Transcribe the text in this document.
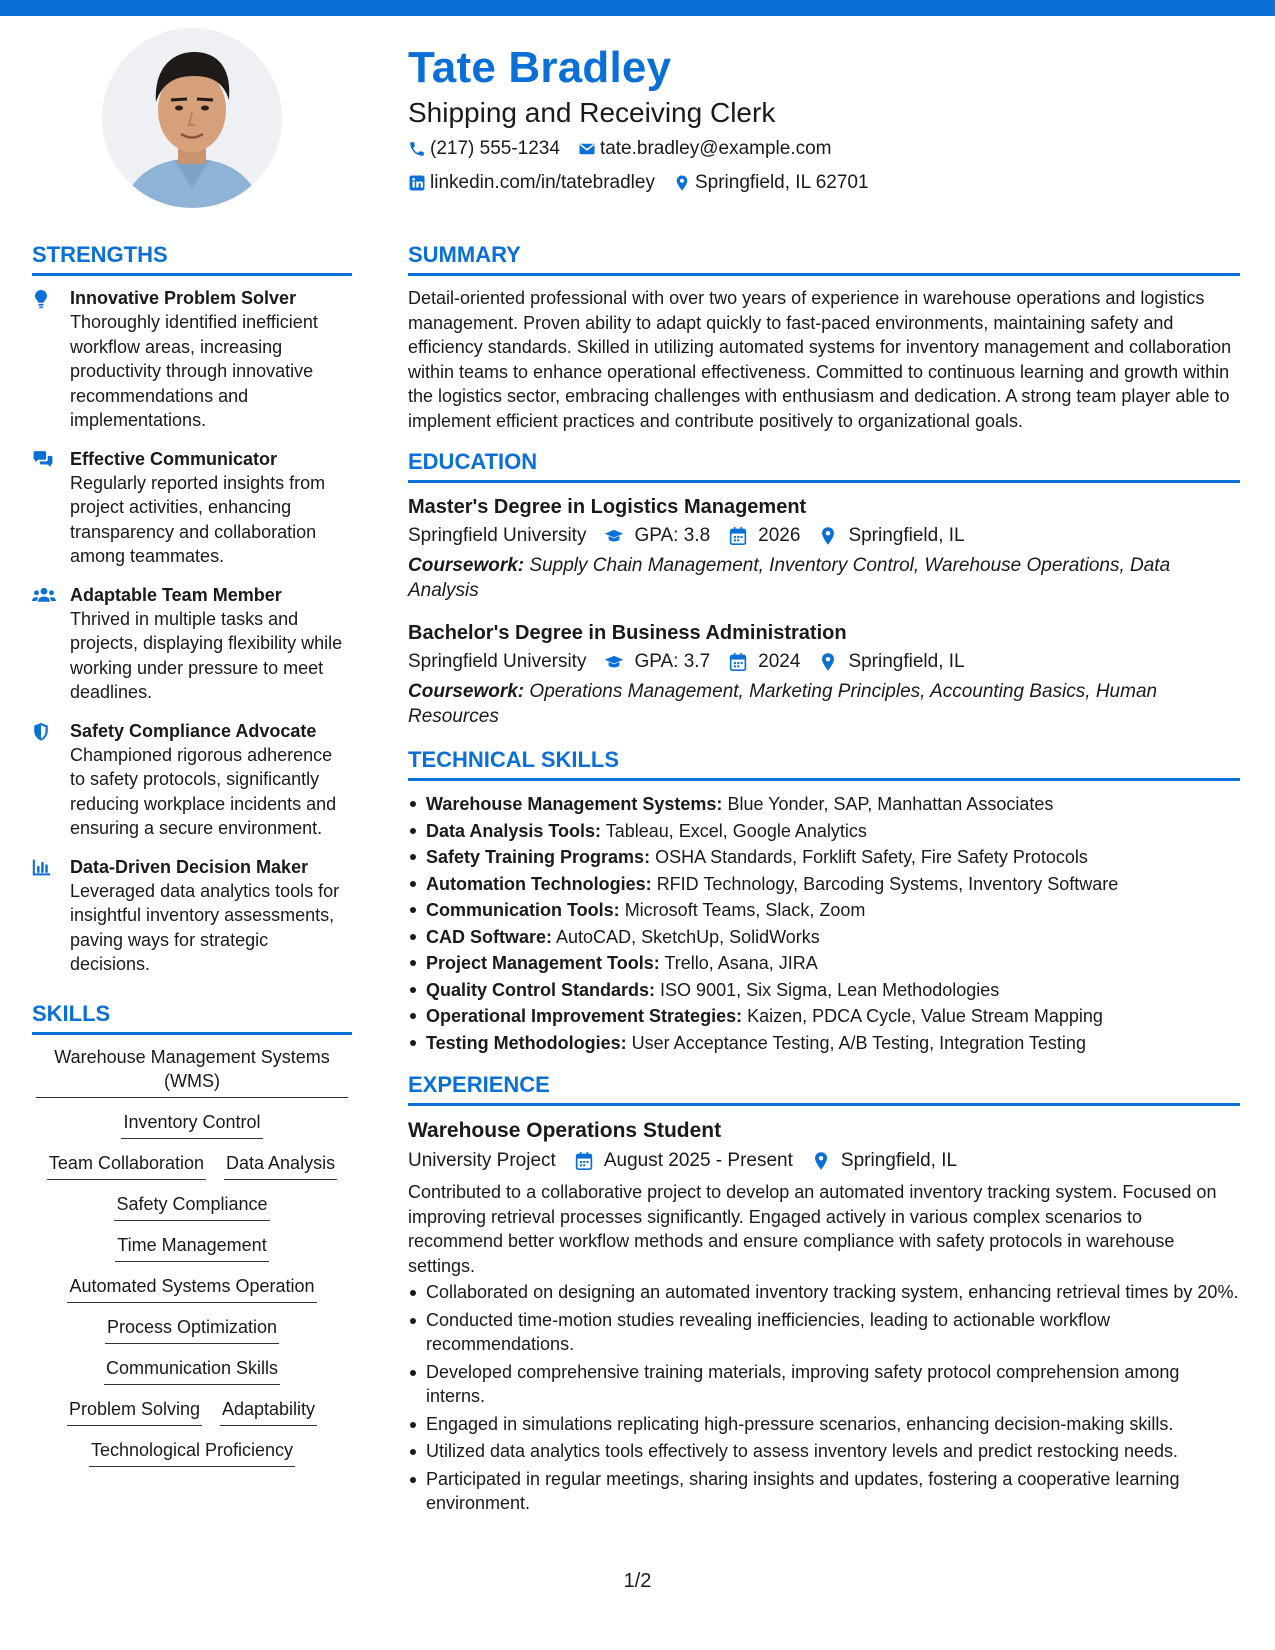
Tate Bradley
Shipping and Receiving Clerk
(217) 555-1234 tate.bradley@example.com
linkedin.com/in/tatebradley Springfield, IL 62701
STRENGTHS
Innovative Problem Solver
Thoroughly identified inefficient workflow areas, increasing productivity through innovative recommendations and implementations.
Effective Communicator
Regularly reported insights from project activities, enhancing transparency and collaboration among teammates.
Adaptable Team Member
Thrived in multiple tasks and projects, displaying flexibility while working under pressure to meet deadlines.
Safety Compliance Advocate
Championed rigorous adherence to safety protocols, significantly reducing workplace incidents and ensuring a secure environment.
Data-Driven Decision Maker
Leveraged data analytics tools for insightful inventory assessments, paving ways for strategic decisions.
SKILLS
Warehouse Management Systems (WMS)
Inventory Control
Team Collaboration Data Analysis
Safety Compliance
Time Management
Automated Systems Operation
Process Optimization
Communication Skills
Problem Solving Adaptability
Technological Proficiency
SUMMARY
Detail-oriented professional with over two years of experience in warehouse operations and logistics management. Proven ability to adapt quickly to fast-paced environments, maintaining safety and efficiency standards. Skilled in utilizing automated systems for inventory management and collaboration within teams to enhance operational effectiveness. Committed to continuous learning and growth within the logistics sector, embracing challenges with enthusiasm and dedication. A strong team player able to implement efficient practices and contribute positively to organizational goals.
EDUCATION
Master's Degree in Logistics Management
Springfield University	GPA: 3.8	2026	Springfield, IL
Coursework: Supply Chain Management, Inventory Control, Warehouse Operations, Data Analysis
Bachelor's Degree in Business Administration
Springfield University	GPA: 3.7	2024	Springfield, IL
Coursework: Operations Management, Marketing Principles, Accounting Basics, Human Resources
TECHNICAL SKILLS
Warehouse Management Systems: Blue Yonder, SAP, Manhattan Associates
Data Analysis Tools: Tableau, Excel, Google Analytics
Safety Training Programs: OSHA Standards, Forklift Safety, Fire Safety Protocols
Automation Technologies: RFID Technology, Barcoding Systems, Inventory Software
Communication Tools: Microsoft Teams, Slack, Zoom
CAD Software: AutoCAD, SketchUp, SolidWorks
Project Management Tools: Trello, Asana, JIRA
Quality Control Standards: ISO 9001, Six Sigma, Lean Methodologies
Operational Improvement Strategies: Kaizen, PDCA Cycle, Value Stream Mapping
Testing Methodologies: User Acceptance Testing, A/B Testing, Integration Testing
EXPERIENCE
Warehouse Operations Student
University Project	August 2025 - Present	Springfield, IL
Contributed to a collaborative project to develop an automated inventory tracking system. Focused on improving retrieval processes significantly. Engaged actively in various complex scenarios to recommend better workflow methods and ensure compliance with safety protocols in warehouse settings.
Collaborated on designing an automated inventory tracking system, enhancing retrieval times by 20%.
Conducted time-motion studies revealing inefficiencies, leading to actionable workflow recommendations.
Developed comprehensive training materials, improving safety protocol comprehension among interns.
Engaged in simulations replicating high-pressure scenarios, enhancing decision-making skills.
Utilized data analytics tools effectively to assess inventory levels and predict restocking needs.
Participated in regular meetings, sharing insights and updates, fostering a cooperative learning environment.
1/2
